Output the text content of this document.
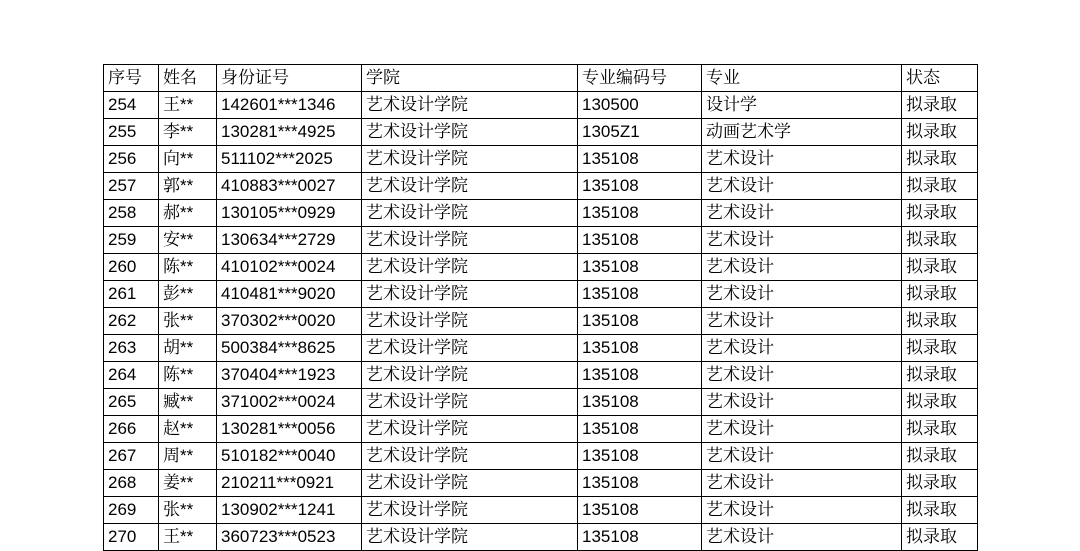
序号	姓名	身份证号	学院	专业编码号	专业	状态
254	王**	142601***1346	艺术设计学院	130500	设计学	拟录取
255	李**	130281***4925	艺术设计学院	1305Z1	动画艺术学	拟录取
256	向**	511102***2025	艺术设计学院	135108	艺术设计	拟录取
257	郭**	410883***0027	艺术设计学院	135108	艺术设计	拟录取
258	郝**	130105***0929	艺术设计学院	135108	艺术设计	拟录取
259	安**	130634***2729	艺术设计学院	135108	艺术设计	拟录取
260	陈**	410102***0024	艺术设计学院	135108	艺术设计	拟录取
261	彭**	410481***9020	艺术设计学院	135108	艺术设计	拟录取
262	张**	370302***0020	艺术设计学院	135108	艺术设计	拟录取
263	胡**	500384***8625	艺术设计学院	135108	艺术设计	拟录取
264	陈**	370404***1923	艺术设计学院	135108	艺术设计	拟录取
265	臧**	371002***0024	艺术设计学院	135108	艺术设计	拟录取
266	赵**	130281***0056	艺术设计学院	135108	艺术设计	拟录取
267	周**	510182***0040	艺术设计学院	135108	艺术设计	拟录取
268	姜**	210211***0921	艺术设计学院	135108	艺术设计	拟录取
269	张**	130902***1241	艺术设计学院	135108	艺术设计	拟录取
270	王**	360723***0523	艺术设计学院	135108	艺术设计	拟录取
